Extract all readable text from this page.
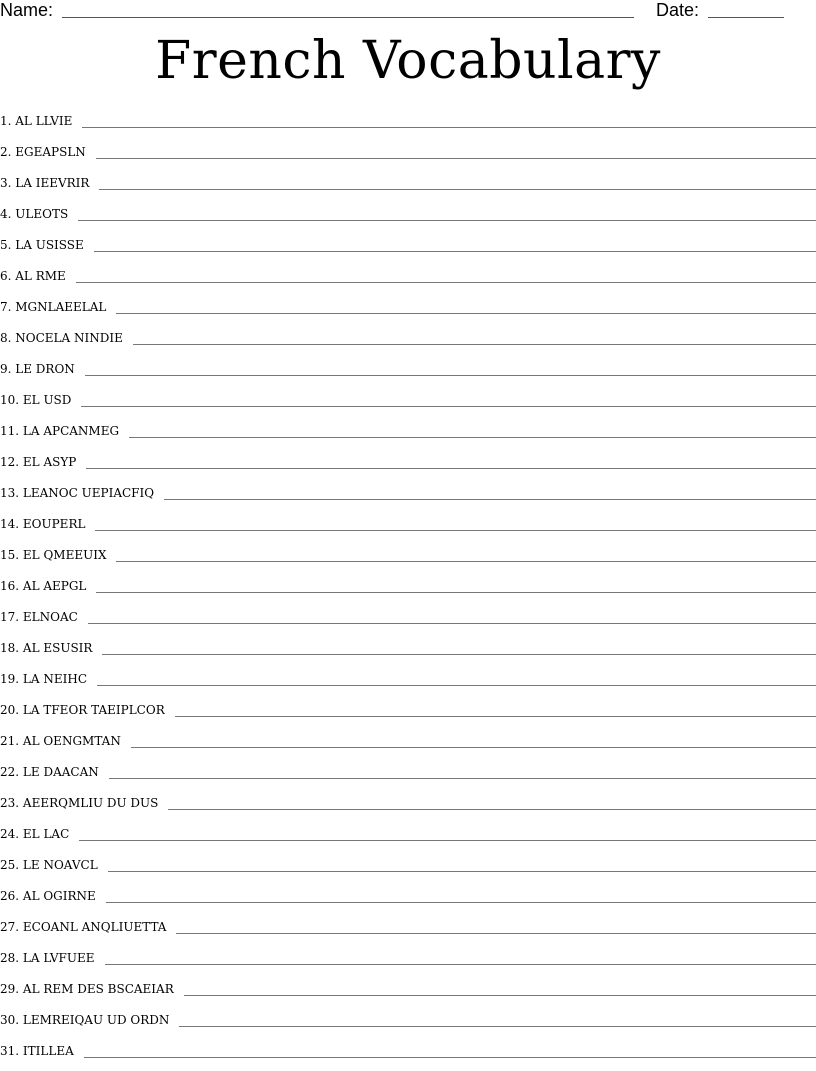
Name:	Date:
French Vocabulary
1. AL LLVIE
2. EGEAPSLN
3. LA IEEVRIR
4. ULEOTS
5. LA USISSE
6. AL RME
7. MGNLAEELAL
8. NOCELA NINDIE
9. LE DRON
10. EL USD
11. LA APCANMEG
12. EL ASYP
13. LEANOC UEPIACFIQ
14. EOUPERL
15. EL QMEEUIX
16. AL AEPGL
17. ELNOAC
18. AL ESUSIR
19. LA NEIHC
20. LA TFEOR TAEIPLCOR
21. AL OENGMTAN
22. LE DAACAN
23. AEERQMLIU DU DUS
24. EL LAC
25. LE NOAVCL
26. AL OGIRNE
27. ECOANL ANQLIUETTA
28. LA LVFUEE
29. AL REM DES BSCAEIAR
30. LEMREIQAU UD ORDN
31. ITILLEA
